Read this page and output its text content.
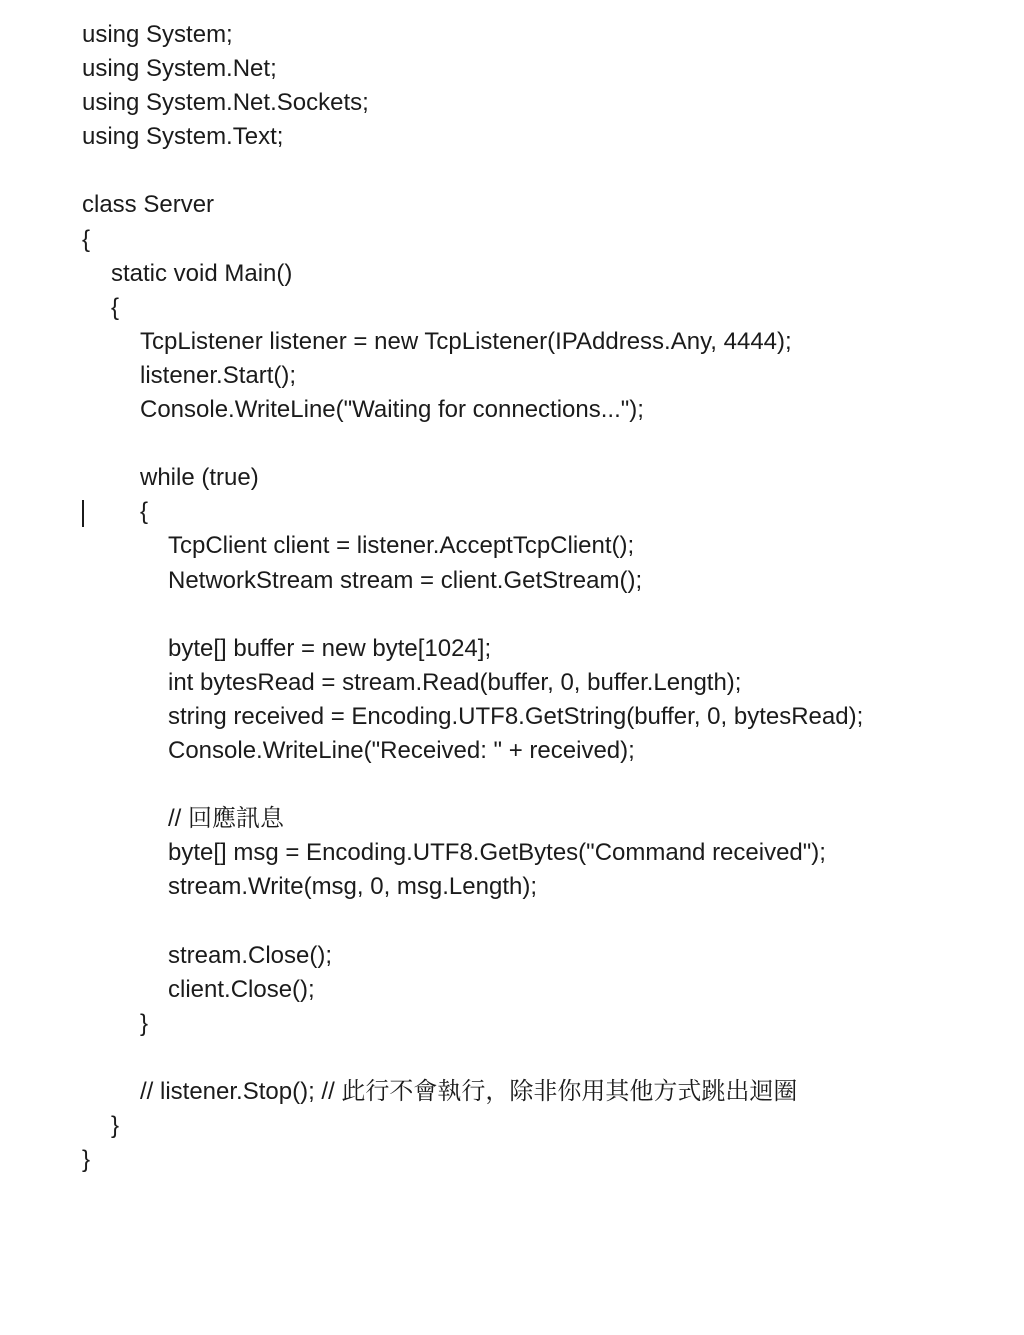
using System;
using System.Net;
using System.Net.Sockets;
using System.Text;
class Server
{
static void Main()
{
TcpListener listener = new TcpListener(IPAddress.Any, 4444);
listener.Start();
Console.WriteLine("Waiting for connections...");
while (true)
{
TcpClient client = listener.AcceptTcpClient();
NetworkStream stream = client.GetStream();
byte[] buffer = new byte[1024];
int bytesRead = stream.Read(buffer, 0, buffer.Length);
string received = Encoding.UTF8.GetString(buffer, 0, bytesRead);
Console.WriteLine("Received: " + received);
// 回應訊息
byte[] msg = Encoding.UTF8.GetBytes("Command received");
stream.Write(msg, 0, msg.Length);
stream.Close();
client.Close();
}
// listener.Stop(); // 此行不會執行，除非你用其他方式跳出迴圈
}
}
